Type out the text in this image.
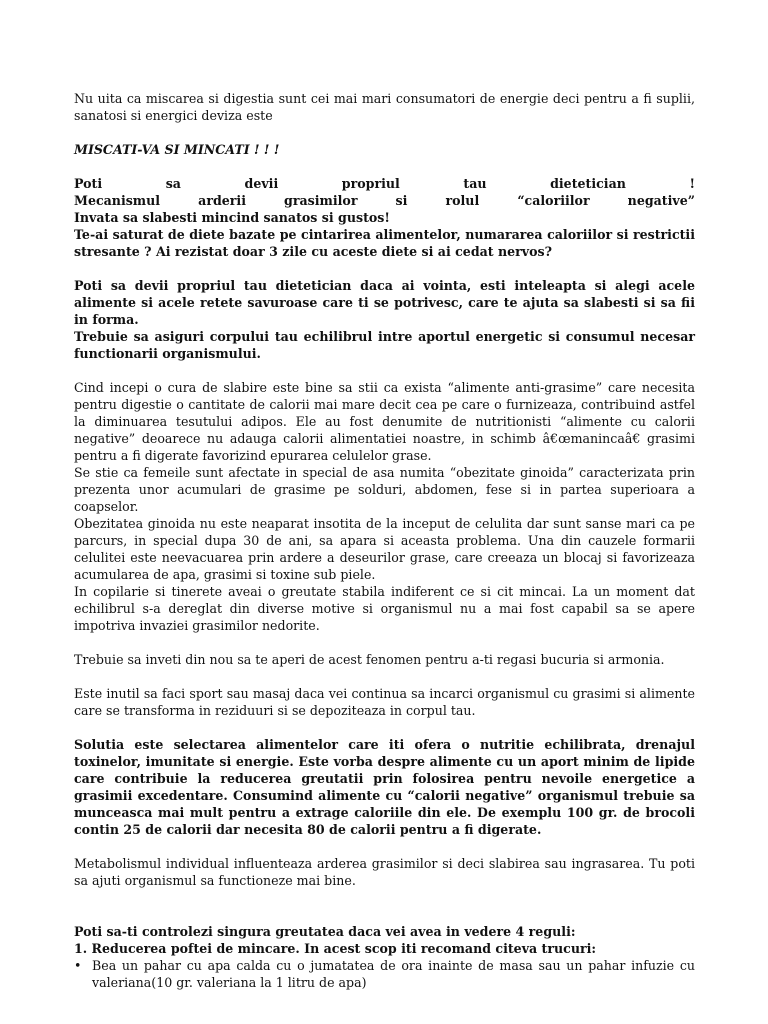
Nu uita ca miscarea si digestia sunt cei mai mari consumatori de energie deci pentru a fi suplii, sanatosi si energici deviza este

MISCATI-VA SI MINCATI ! ! !

Poti sa devii propriul tau dietetician !

Mecanismul arderii grasimilor si rolul “caloriilor negative”

Invata sa slabesti mincind sanatos si gustos!

Te-ai saturat de diete bazate pe cintarirea alimentelor, numararea caloriilor si restrictii stresante ? Ai rezistat doar 3 zile cu aceste diete si ai cedat nervos?

Poti sa devii propriul tau dietetician daca ai vointa, esti inteleapta si alegi acele alimente si acele retete savuroase care ti se potrivesc, care te ajuta sa slabesti si sa fii in forma.

Trebuie sa asiguri corpului tau echilibrul intre aportul energetic si consumul necesar functionarii organismului.

Cind incepi o cura de slabire este bine sa stii ca exista “alimente anti-grasime” care necesita pentru digestie o cantitate de calorii mai mare decit cea pe care o furnizeaza, contribuind astfel la diminuarea tesutului adipos. Ele au fost denumite de nutritionisti “alimente cu calorii negative” deoarece nu adauga calorii alimentatiei noastre, in schimb â€œmanincaâ€ grasimi pentru a fi digerate favorizind epurarea celulelor grase.

Se stie ca femeile sunt afectate in special de asa numita “obezitate ginoida” caracterizata prin prezenta unor acumulari de grasime pe solduri, abdomen, fese si in partea superioara a coapselor.

Obezitatea ginoida nu este neaparat insotita de la inceput de celulita dar sunt sanse mari ca pe parcurs, in special dupa 30 de ani, sa apara si aceasta problema. Una din cauzele formarii celulitei este neevacuarea prin ardere a deseurilor grase, care creeaza un blocaj si favorizeaza acumularea de apa, grasimi si toxine sub piele.

In copilarie si tinerete aveai o greutate stabila indiferent ce si cit mincai. La un moment dat echilibrul s-a dereglat din diverse motive si organismul nu a mai fost capabil sa se apere impotriva invaziei grasimilor nedorite.

Trebuie sa inveti din nou sa te aperi de acest fenomen pentru a-ti regasi bucuria si armonia.

Este inutil sa faci sport sau masaj daca vei continua sa incarci organismul cu grasimi si alimente care se transforma in reziduuri si se depoziteaza in corpul tau.

Solutia este selectarea alimentelor care iti ofera o nutritie echilibrata, drenajul toxinelor, imunitate si energie. Este vorba despre alimente cu un aport minim de lipide care contribuie la reducerea greutatii prin folosirea pentru nevoile energetice a grasimii excedentare. Consumind alimente cu “calorii negative” organismul trebuie sa munceasca mai mult pentru a extrage caloriile din ele. De exemplu 100 gr. de brocoli contin 25 de calorii dar necesita 80 de calorii pentru a fi digerate.

Metabolismul individual influenteaza arderea grasimilor si deci slabirea sau ingrasarea. Tu poti sa ajuti organismul sa functioneze mai bine.

Poti sa-ti controlezi singura greutatea daca vei avea in vedere 4 reguli:

1. Reducerea poftei de mincare. In acest scop iti recomand citeva trucuri:

• Bea un pahar cu apa calda cu o jumatatea de ora inainte de masa sau un pahar infuzie cu valeriana(10 gr. valeriana la 1 litru de apa)
